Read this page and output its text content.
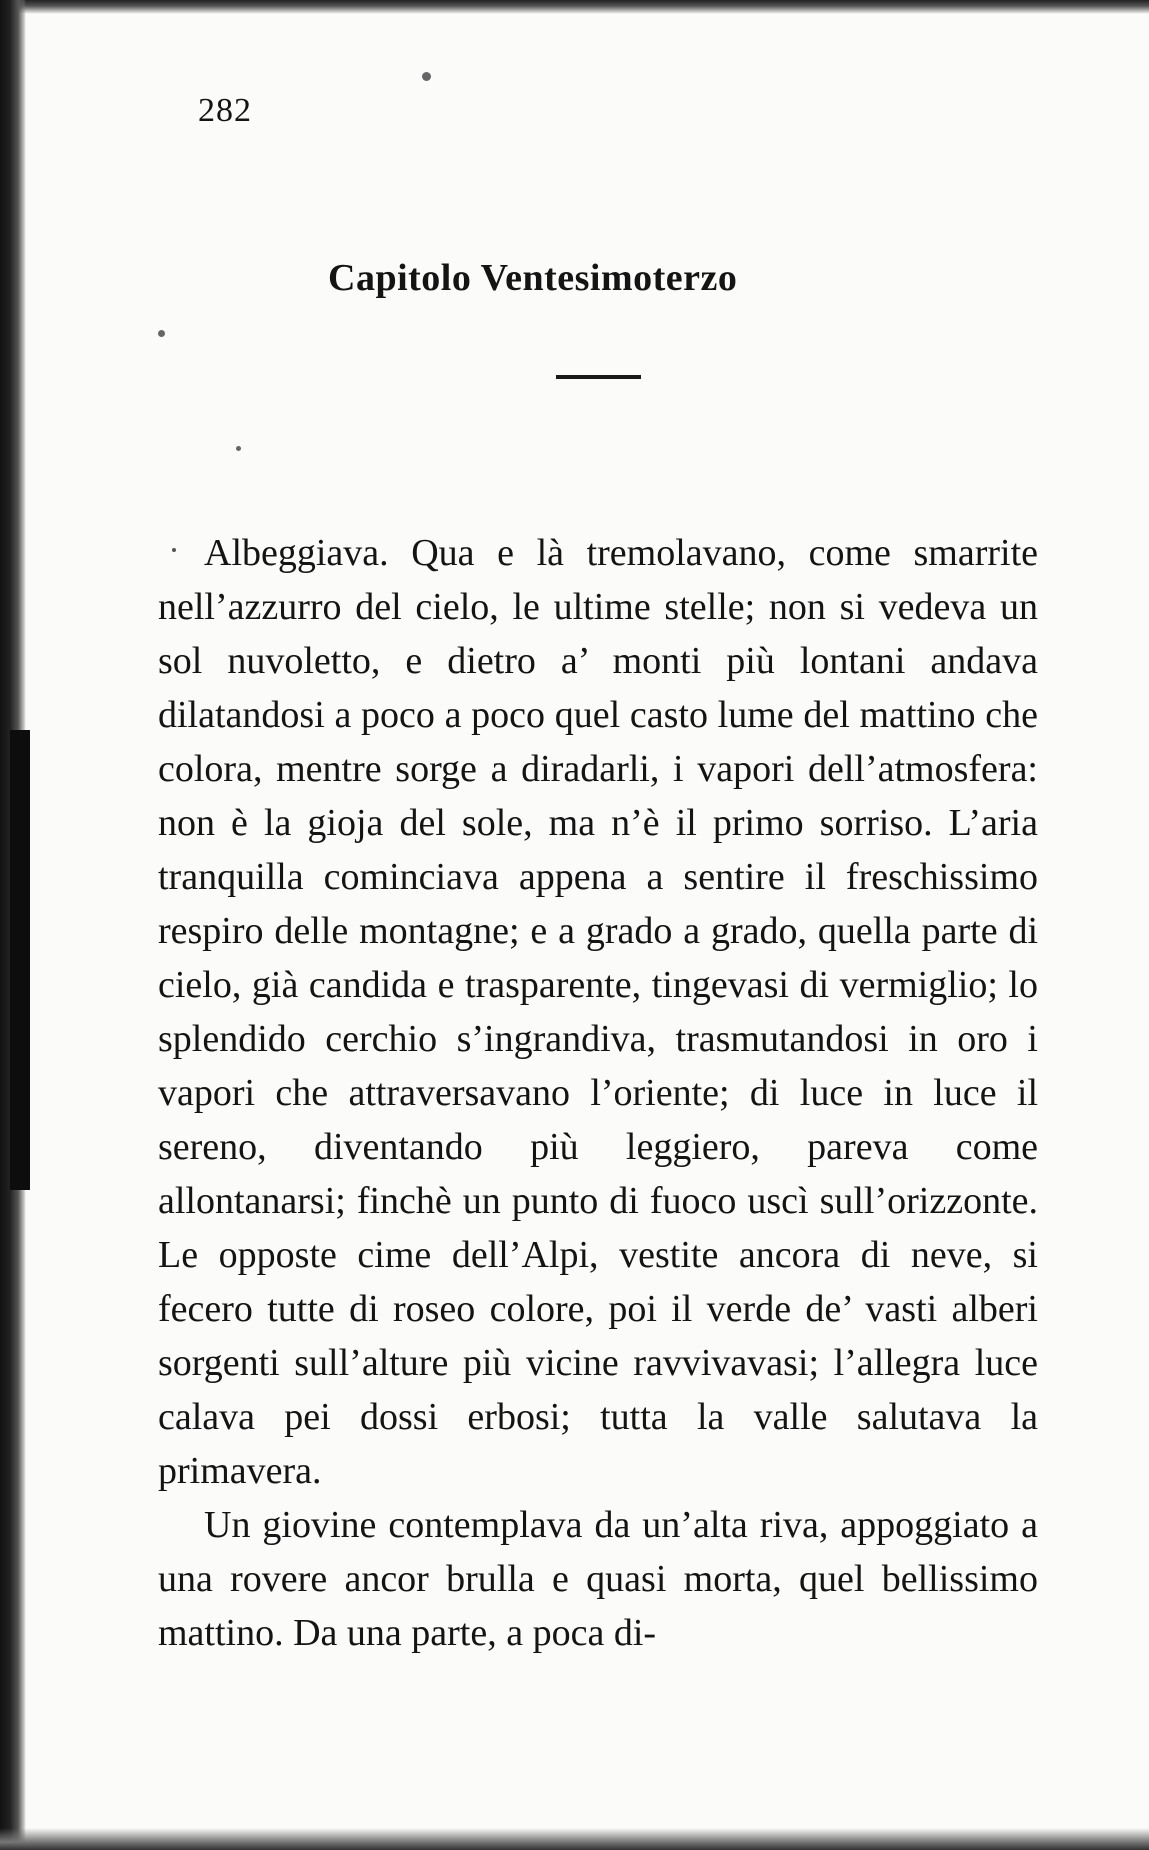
282
Capitolo Ventesimoterzo

Albeggiava. Qua e là tremolavano, come smarrite nell’azzurro del cielo, le ultime stelle; non si vedeva un sol nuvoletto, e dietro a’ monti più lontani andava dilatandosi a poco a poco quel casto lume del mattino che colora, mentre sorge a diradarli, i vapori dell’atmosfera: non è la gioja del sole, ma n’è il primo sorriso. L’aria tranquilla cominciava appena a sentire il freschissimo respiro delle montagne; e a grado a grado, quella parte di cielo, già candida e trasparente, tingevasi di vermiglio; lo splendido cerchio s’ingrandiva, trasmutandosi in oro i vapori che attraversavano l’oriente; di luce in luce il sereno, diventando più leggiero, pareva come allontanarsi; finchè un punto di fuoco uscì sull’orizzonte. Le opposte cime dell’Alpi, vestite ancora di neve, si fecero tutte di roseo colore, poi il verde de’ vasti alberi sorgenti sull’alture più vicine ravvivavasi; l’allegra luce calava pei dossi erbosi; tutta la valle salutava la primavera.

Un giovine contemplava da un’alta riva, appoggiato a una rovere ancor brulla e quasi morta, quel bellissimo mattino. Da una parte, a poca di-
